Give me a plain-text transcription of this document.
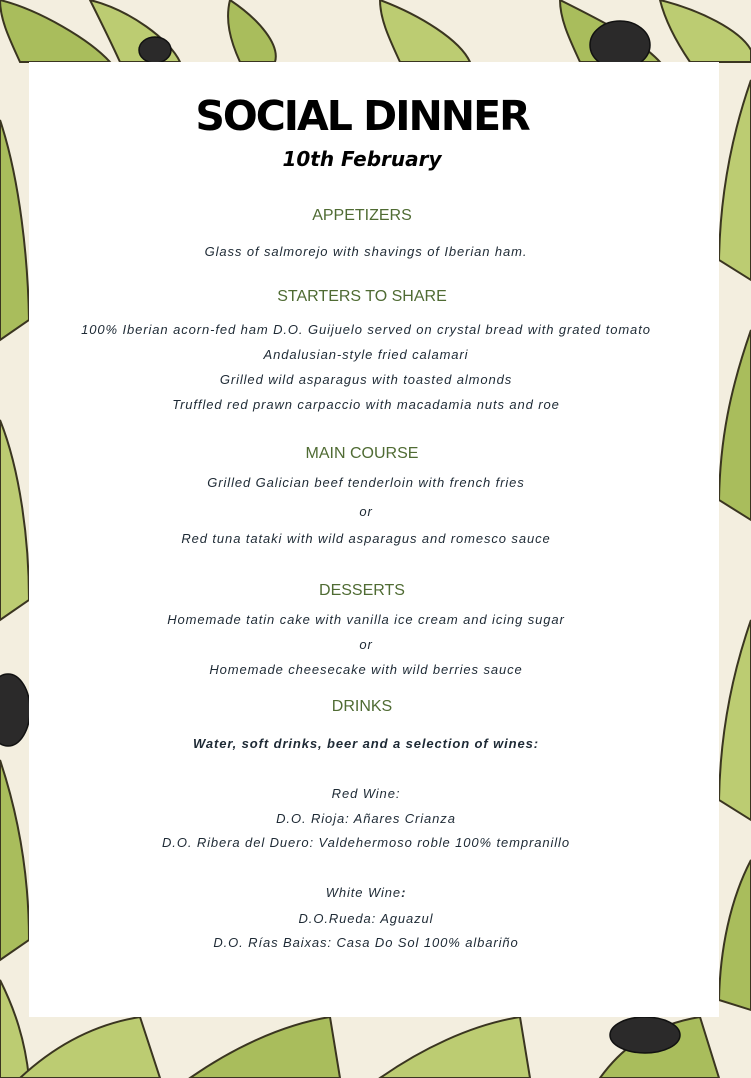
SOCIAL DINNER
10th February
APPETIZERS
Glass of salmorejo with shavings of Iberian ham.
STARTERS TO SHARE
100% Iberian acorn-fed ham D.O. Guijuelo served on crystal bread with grated tomato
Andalusian-style fried calamari
Grilled wild asparagus with toasted almonds
Truffled red prawn carpaccio with macadamia nuts and roe
MAIN COURSE
Grilled Galician beef tenderloin with french fries
or
Red tuna tataki with wild asparagus and romesco sauce
DESSERTS
Homemade tatin cake with vanilla ice cream and icing sugar
or
Homemade cheesecake with wild berries sauce
DRINKS
Water, soft drinks, beer and a selection of wines:
Red Wine:
D.O. Rioja: Añares Crianza
D.O. Ribera del Duero: Valdehermoso roble 100% tempranillo
White Wine:
D.O.Rueda: Aguazul
D.O. Rías Baixas: Casa Do Sol 100% albariño
